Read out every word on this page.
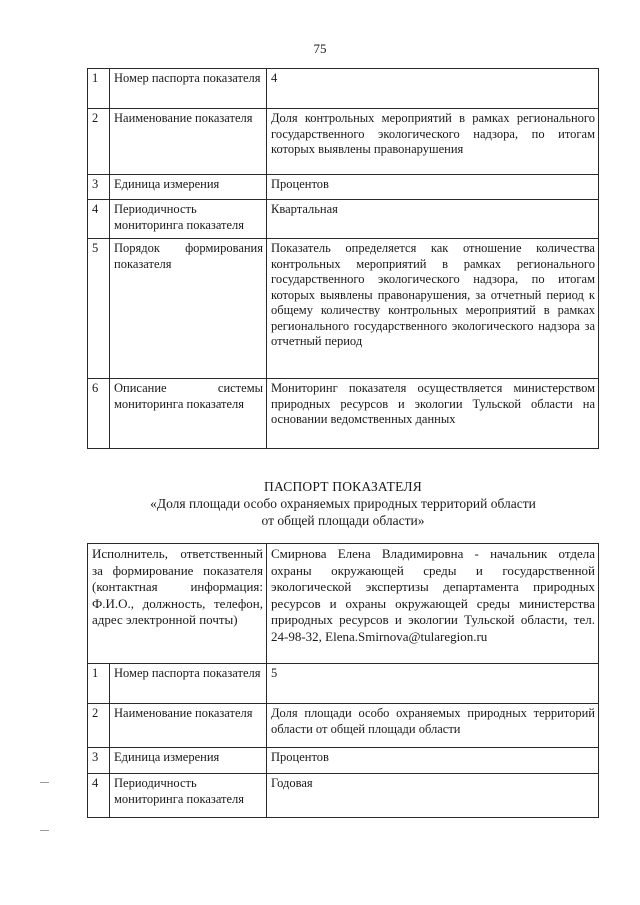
75
1	Номер паспорта показателя	4
2	Наименование показателя	Доля контрольных мероприятий в рамках регионального государственного экологического надзора, по итогам которых выявлены правонарушения
3	Единица измерения	Процентов
4	Периодичность мониторинга показателя	Квартальная
5	Порядок формирования показателя	Показатель определяется как отношение количества контрольных мероприятий в рамках регионального государственного экологического надзора, по итогам которых выявлены правонарушения, за отчетный период к общему количеству контрольных мероприятий в рамках регионального государственного экологического надзора за отчетный период
6	Описание системы мониторинга показателя	Мониторинг показателя осуществляется министерством природных ресурсов и экологии Тульской области на основании ведомственных данных
ПАСПОРТ ПОКАЗАТЕЛЯ
«Доля площади особо охраняемых природных территорий области
от общей площади области»
Исполнитель, ответственный за формирование показателя (контактная информация: Ф.И.О., должность, телефон, адрес электронной почты)		Смирнова Елена Владимировна - начальник отдела охраны окружающей среды и государственной экологической экспертизы департамента природных ресурсов и охраны окружающей среды министерства природных ресурсов и экологии Тульской области, тел. 24-98-32, Elena.Smirnova@tularegion.ru
1	Номер паспорта показателя	5
2	Наименование показателя	Доля площади особо охраняемых природных территорий области от общей площади области
3	Единица измерения	Процентов
4	Периодичность мониторинга показателя	Годовая
